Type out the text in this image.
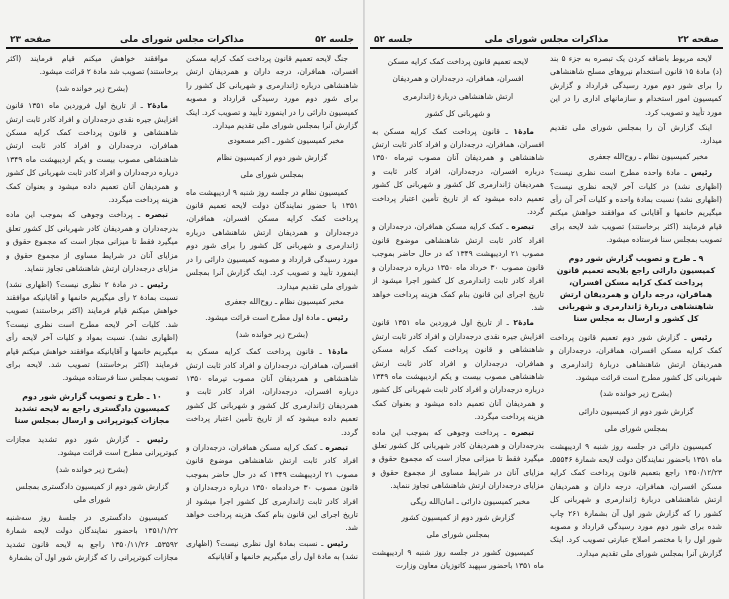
جلسه ۵۲
مذاکرات مجلس شورای ملی
صفحه ۲۳

جنگ لایحه تعمیم قانون پرداخت کمک کرایه مسکن افسران، همافران، درجه داران و همردیفان ارتش شاهنشاهی درباره ژاندارمری و شهربانی کل کشور را برای شور دوم مورد رسیدگی قرارداد و مصوبه کمیسیون دارائی را در اینمورد تأیید و تصویب کرد. اینک گزارش آنرا بمجلس شورای ملی تقدیم میدارد.

مخبر کمیسیون کشور ـ اکبر مسعودی

گزارش شور دوم از کمیسیون نظام

بمجلس شورای ملی

کمیسیون نظام در جلسه روز شنبه ۹ اردیبهشت ماه ۱۳۵۱ با حضور نمایندگان دولت لایحه تعمیم قانون پرداخت کمک کرایه مسکن افسران، همافران، درجه‌داران و همردیفان ارتش شاهنشاهی درباره ژاندارمری و شهربانی کل کشور را برای شور دوم مورد رسیدگی قرارداد و مصوبه کمیسیون دارائی را در اینمورد تأیید و تصویب کرد. اینک گزارش آنرا بمجلس شورای ملی تقدیم میدارد.

مخبر کمیسیون نظام ـ روح‌الله جعفری

رئیس ـ مادهٔ اول مطرح است قرائت میشود.

(بشرح زیر خوانده شد)

مادهٔ۱ ـ قانون پرداخت کمک کرایه مسکن به افسران، همافران، درجه‌داران و افراد کادر ثابت ارتش شاهنشاهی و همردیفان آنان مصوب تیرماه ۱۳۵۰ درباره افسران، درجه‌داران، افراد کادر ثابت و همردیفان ژاندارمری کل کشور و شهربانی کل کشور تعمیم داده میشود که از تاریخ تأمین اعتبار پرداخت گردد.

تبصره ـ کمک کرایه مسکن همافران، درجه‌داران و افراد کادر ثابت ارتش شاهنشاهی موضوع قانون مصوب ۲۱ اردیبهشت ۱۳۴۹ که در حال حاضر بموجب قانون مصوب ۳۰ خردادماه ۱۳۵۰ درباره درجه‌داران و افراد کادر ثابت ژاندارمری کل کشور اجرا میشود از تاریخ اجرای این قانون بنام کمک هزینه پرداخت خواهد شد.

رئیس ـ نسبت بمادهٔ اول نظری نیست؟ (اظهاری نشد) به مادهٔ اول رأی میگیریم خانمها و آقایانیکه

موافقند خواهش میکنم قیام فرمایند (اکثر برخاستند) تصویب شد مادهٔ ۲ قرائت میشود.

(بشرح زیر خوانده شد)

مادهٔ۲ ـ از تاریخ اول فروردین ماه ۱۳۵۱ قانون افزایش جیره نقدی درجه‌داران و افراد کادر ثابت ارتش شاهنشاهی و قانون پرداخت کمک کرایه مسکن همافران، درجه‌داران و افراد کادر ثابت ارتش شاهنشاهی مصوب بیست و یکم اردیبهشت ماه ۱۳۴۹ درباره درجه‌داران و افراد کادر ثابت شهربانی کل کشور و همردیفان آنان تعمیم داده میشود و بعنوان کمک هزینه پرداخت میگردد.

تبصره ـ پرداخت وجوهی که بموجب این ماده بدرجه‌داران و همردیفان کادر شهربانی کل کشور تعلق میگیرد فقط تا میزانی مجاز است که مجموع حقوق و مزایای آنان در شرایط مساوی از مجموع حقوق و مزایای درجه‌داران ارتش شاهنشاهی تجاوز ننماید.

رئیس ـ در مادهٔ ۲ نظری نیست؟ (اظهاری نشد) نسبت بمادهٔ ۲ رأی میگیریم خانمها و آقایانیکه موافقند خواهش میکنم قیام فرمایند (اکثر برخاستند) تصویب شد. کلیات آخر لایحه مطرح است نظری نیست؟ (اظهاری نشد). نسبت بمواد و کلیات آخر لایحه رأی میگیریم خانمها و آقایانیکه موافقند خواهش میکنم قیام فرمایند (اکثر برخاستند) تصویب شد. لایحه برای تصویب بمجلس سنا فرستاده میشود.

۱۰ ـ طرح و تصویب گزارش شور دوم کمیسیون دادگستری راجع به لایحه تشدید مجازات کبوترپرانی و ارسال بمجلس سنا

رئیس ـ گزارش شور دوم تشدید مجازات کبوترپرانی مطرح است قرائت میشود.

(بشرح زیر خوانده شد)

گزارش شور دوم از کمیسیون دادگستری بمجلس شورای ملی

کمیسیون دادگستری در جلسهٔ روز سه‌شنبه ۱۳۵۱/۱/۲۲ باحضور نمایندگان دولت لایحه شمارهٔ ۵۳۵۹۲ـ ۱۳۵۰/۱۱/۲۶ راجع به لایحه قانون تشدید مجازات کبوترپرانی را که گزارش شور اول آن بشمارهٔ

صفحه ۲۲
مذاکرات مجلس شورای ملی
جلسه ۵۲

لایحه مربوط باضافه کردن یک تبصره به جزء ۵ بند (د) مادهٔ ۱۵ قانون استخدام نیروهای مسلح شاهنشاهی را برای شور دوم مورد رسیدگی قرارداد و گزارش کمیسیون امور استخدام و سازمانهای اداری را در این مورد تأیید و تصویب کرد.

اینک گزارش آن را بمجلس شورای ملی تقدیم میدارد.

مخبر کمیسیون نظام ـ روح‌الله جعفری

رئیس ـ مادهٔ واحده مطرح است نظری نیست؟ (اظهاری نشد) در کلیات آخر لایحه نظری نیست؟ (اظهاری نشد) نسبت بمادهٔ واحده و کلیات آخر آن رأی میگیریم خانمها و آقایانی که موافقند خواهش میکنم قیام فرمایند (اکثر برخاستند) تصویب شد لایحه برای تصویب بمجلس سنا فرستاده میشود.

۹ ـ طرح و تصویب گزارش شور دوم کمیسیون دارائی راجع بلایحه تعمیم قانون پرداخت کمک کرایه مسکن افسران، همافران، درجه داران و همردیفان ارتش شاهنشاهی دربارهٔ ژاندارمری و شهربانی کل کشور و ارسال به مجلس سنا

رئیس ـ گزارش شور دوم تعمیم قانون پرداخت کمک کرایه مسکن افسران، همافران، درجه‌داران و همردیفان ارتش شاهنشاهی دربارهٔ ژاندارمری و شهربانی کل کشور مطرح است قرائت میشود.

(بشرح زیر خوانده شد)

گزارش شور دوم از کمیسیون دارائی

بمجلس شورای ملی

کمیسیون دارائی در جلسه روز شنبه ۹ اردیبهشت ماه ۱۳۵۱ باحضور نمایندگان دولت لایحه شمارهٔ ۵۵۵۴۶ـ ۱۳۵۰/۱۲/۲۳ راجع بتعمیم قانون پرداخت کمک کرایه مسکن افسران، همافران، درجه داران و همردیفان ارتش شاهنشاهی دربارهٔ ژاندارمری و شهربانی کل کشور را که گزارش شور اول آن بشمارهٔ ۲۶۱ چاپ شده برای شور دوم مورد رسیدگی قرارداد و مصوبه شور اول را با مختصر اصلاح عبارتی تصویب کرد. اینک گزارش آنرا بمجلس شورای ملی تقدیم میدارد.

لایحه تعمیم قانون پرداخت کمک کرایه مسکن

افسران، همافران، درجه‌داران و همردیفان

ارتش شاهنشاهی دربارهٔ ژاندارمری

و شهربانی کل کشور

مادهٔ۱ ـ قانون پرداخت کمک کرایه مسکن به افسران، همافران، درجه‌داران و افراد کادر ثابت ارتش شاهنشاهی و همردیفان آنان مصوب تیرماه ۱۳۵۰ درباره افسران، درجه‌داران، افراد کادر ثابت و همردیفان ژاندارمری کل کشور و شهربانی کل کشور تعمیم داده میشود که از تاریخ تأمین اعتبار پرداخت گردد.

تبصره ـ کمک کرایه مسکن همافران، درجه‌داران و افراد کادر ثابت ارتش شاهنشاهی موضوع قانون مصوب ۲۱ اردیبهشت ۱۳۴۹ که در حال حاضر بموجب قانون مصوب ۳۰ خرداد ماه ۱۳۵۰ درباره درجه‌داران و افراد کادر ثابت ژاندارمری کل کشور اجرا میشود از تاریخ اجرای این قانون بنام کمک هزینه پرداخت خواهد شد.

مادهٔ۲ ـ از تاریخ اول فروردین ماه ۱۳۵۱ قانون افزایش جیره نقدی درجه‌داران و افراد کادر ثابت ارتش شاهنشاهی و قانون پرداخت کمک کرایه مسکن همافران، درجه‌داران و افراد کادر ثابت ارتش شاهنشاهی مصوب بیست و یکم اردیبهشت ماه ۱۳۴۹ درباره درجه‌داران و افراد کادر ثابت شهربانی کل کشور و همردیفان آنان تعمیم داده میشود و بعنوان کمک هزینه پرداخت میگردد.

تبصره ـ پرداخت وجوهی که بموجب این ماده بدرجه‌داران و همردیفان کادر شهربانی کل کشور تعلق میگیرد فقط تا میزانی مجاز است که مجموع حقوق و مزایای آنان در شرایط مساوی از مجموع حقوق و مزایای درجه‌داران ارتش شاهنشاهی تجاوز ننماید.

مخبر کمیسیون دارائی ـ امان‌الله ریگی

گزارش شور دوم از کمیسیون کشور

بمجلس شورای ملی

کمیسیون کشور در جلسه روز شنبه ۹ اردیبهشت ماه ۱۳۵۱ باحضور سپهبد کاتوزیان معاون وزارت
